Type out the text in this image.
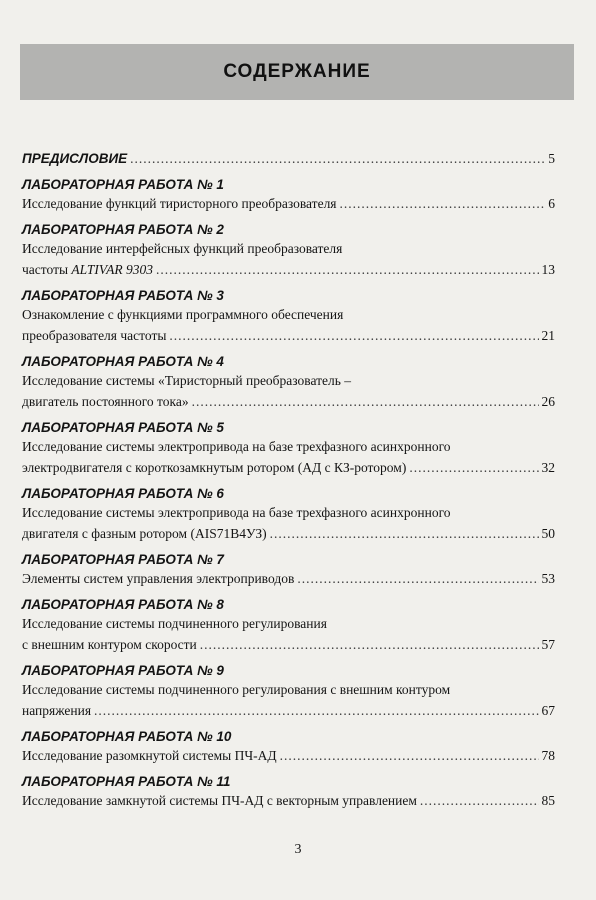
СОДЕРЖАНИЕ
ПРЕДИСЛОВИЕ .....	5
ЛАБОРАТОРНАЯ РАБОТА № 1
Исследование функций тиристорного преобразователя .....	6
ЛАБОРАТОРНАЯ РАБОТА № 2
Исследование интерфейсных функций преобразователя
частоты ALTIVAR 9303 .....	13
ЛАБОРАТОРНАЯ РАБОТА № 3
Ознакомление с функциями программного обеспечения
преобразователя частоты .....	21
ЛАБОРАТОРНАЯ РАБОТА № 4
Исследование системы «Тиристорный преобразователь –
двигатель постоянного тока» .....	26
ЛАБОРАТОРНАЯ РАБОТА № 5
Исследование системы электропривода на базе трехфазного асинхронного
электродвигателя с короткозамкнутым ротором (АД с КЗ-ротором) .....	32
ЛАБОРАТОРНАЯ РАБОТА № 6
Исследование системы электропривода на базе трехфазного асинхронного
двигателя с фазным ротором (AIS71B4УЗ) .....	50
ЛАБОРАТОРНАЯ РАБОТА № 7
Элементы систем управления электроприводов .....	53
ЛАБОРАТОРНАЯ РАБОТА № 8
Исследование системы подчиненного регулирования
с внешним контуром скорости .....	57
ЛАБОРАТОРНАЯ РАБОТА № 9
Исследование системы подчиненного регулирования с внешним контуром
напряжения .....	67
ЛАБОРАТОРНАЯ РАБОТА № 10
Исследование разомкнутой системы ПЧ-АД .....	78
ЛАБОРАТОРНАЯ РАБОТА № 11
Исследование замкнутой системы ПЧ-АД с векторным управлением .....	85
3
